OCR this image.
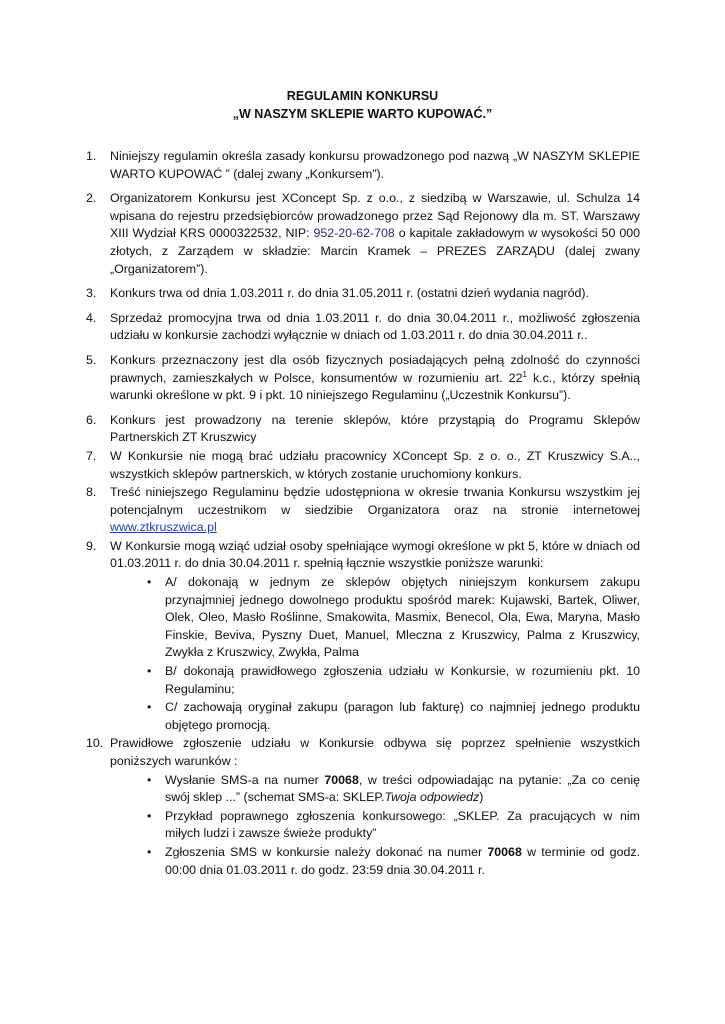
REGULAMIN KONKURSU
„W NASZYM SKLEPIE WARTO KUPOWAĆ.”
1. Niniejszy regulamin określa zasady konkursu prowadzonego pod nazwą „W NASZYM SKLEPIE WARTO KUPOWAĆ ” (dalej zwany „Konkursem”).

2. Organizatorem Konkursu jest XConcept Sp. z o.o., z siedzibą w Warszawie, ul. Schulza 14 wpisana do rejestru przedsiębiorców prowadzonego przez Sąd Rejonowy dla m. ST. Warszawy XIII Wydział KRS 0000322532, NIP: 952-20-62-708 o kapitale zakładowym w wysokości 50 000 złotych, z Zarządem w składzie: Marcin Kramek – PREZES ZARZĄDU (dalej zwany „Organizatorem”).

3. Konkurs trwa od dnia 1.03.2011 r. do dnia 31.05.2011 r. (ostatni dzień wydania nagród).

4. Sprzedaż promocyjna trwa od dnia 1.03.2011 r. do dnia 30.04.2011 r., możliwość zgłoszenia udziału w konkursie zachodzi wyłącznie w dniach od 1.03.2011 r. do dnia 30.04.2011 r..

5. Konkurs przeznaczony jest dla osób fizycznych posiadających pełną zdolność do czynności prawnych, zamieszkałych w Polsce, konsumentów w rozumieniu art. $22^1$ k.c., którzy spełnią warunki określone w pkt. 9 i pkt. 10 niniejszego Regulaminu („Uczestnik Konkursu”).

6. Konkurs jest prowadzony na terenie sklepów, które przystąpią do Programu Sklepów Partnerskich ZT Kruszwicy

7. W Konkursie nie mogą brać udziału pracownicy XConcept Sp. z o. o., ZT Kruszwicy S.A.., wszystkich sklepów partnerskich, w których zostanie uruchomiony konkurs.

8. Treść niniejszego Regulaminu będzie udostępniona w okresie trwania Konkursu wszystkim jej potencjalnym uczestnikom w siedzibie Organizatora oraz na stronie internetowej www.ztkruszwica.pl

9. W Konkursie mogą wziąć udział osoby spełniające wymogi określone w pkt 5, które w dniach od 01.03.2011 r. do dnia 30.04.2011 r. spełnią łącznie wszystkie poniższe warunki:

• A/ dokonają w jednym ze sklepów objętych niniejszym konkursem zakupu przynajmniej jednego dowolnego produktu spośród marek: Kujawski, Bartek, Oliwer, Olek, Oleo, Masło Roślinne, Smakowita, Masmix, Benecol, Ola, Ewa, Maryna, Masło Finskie, Beviva, Pyszny Duet, Manuel, Mleczna z Kruszwicy, Palma z Kruszwicy, Zwykła z Kruszwicy, Zwykła, Palma
• B/ dokonają prawidłowego zgłoszenia udziału w Konkursie, w rozumieniu pkt. 10 Regulaminu;
• C/ zachowają oryginał zakupu (paragon lub fakturę) co najmniej jednego produktu objętego promocją.
10. Prawidłowe zgłoszenie udziału w Konkursie odbywa się poprzez spełnienie wszystkich poniższych warunków :

• Wysłanie SMS-a na numer 70068, w treści odpowiadając na pytanie: „Za co cenię swój sklep ...” (schemat SMS-a: SKLEP.Twoja odpowiedz)
• Przykład poprawnego zgłoszenia konkursowego: „SKLEP. Za pracujących w nim miłych ludzi i zawsze świeże produkty”
• Zgłoszenia SMS w konkursie należy dokonać na numer 70068 w terminie od godz. 00:00 dnia 01.03.2011 r. do godz. 23:59 dnia 30.04.2011 r.
